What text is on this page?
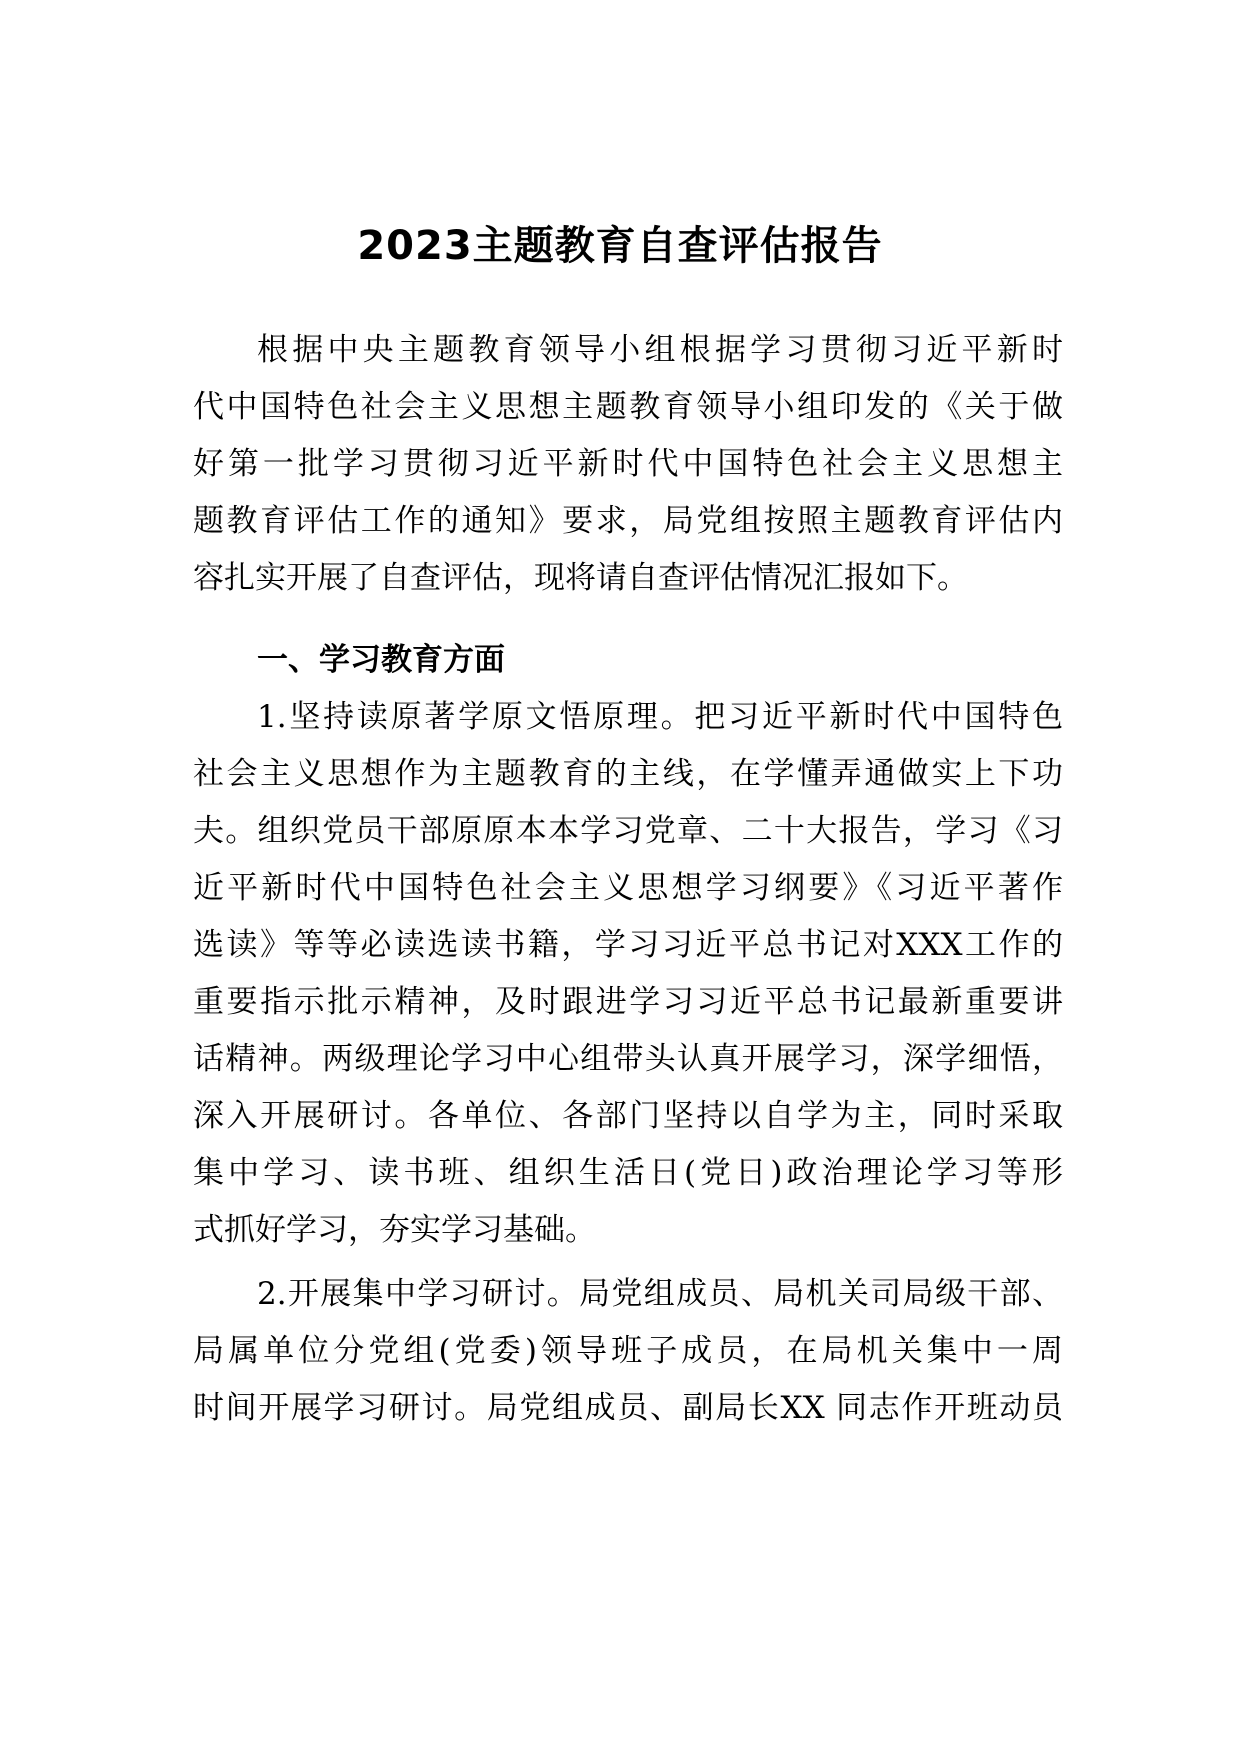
2023主题教育自查评估报告
根据中央主题教育领导小组根据学习贯彻习近平新时
代中国特色社会主义思想主题教育领导小组印发的《关于做
好第一批学习贯彻习近平新时代中国特色社会主义思想主
题教育评估工作的通知》要求，局党组按照主题教育评估内
容扎实开展了自查评估，现将请自查评估情况汇报如下。
一、学习教育方面
1.坚持读原著学原文悟原理。把习近平新时代中国特色
社会主义思想作为主题教育的主线，在学懂弄通做实上下功
夫。组织党员干部原原本本学习党章、二十大报告，学习《习
近平新时代中国特色社会主义思想学习纲要》《习近平著作
选读》等等必读选读书籍，学习习近平总书记对XXX工作的
重要指示批示精神，及时跟进学习习近平总书记最新重要讲
话精神。两级理论学习中心组带头认真开展学习，深学细悟，
深入开展研讨。各单位、各部门坚持以自学为主，同时采取
集中学习、读书班、组织生活日(党日)政治理论学习等形
式抓好学习，夯实学习基础。
2.开展集中学习研讨。局党组成员、局机关司局级干部、
局属单位分党组(党委)领导班子成员，在局机关集中一周
时间开展学习研讨。局党组成员、副局长XX 同志作开班动员
